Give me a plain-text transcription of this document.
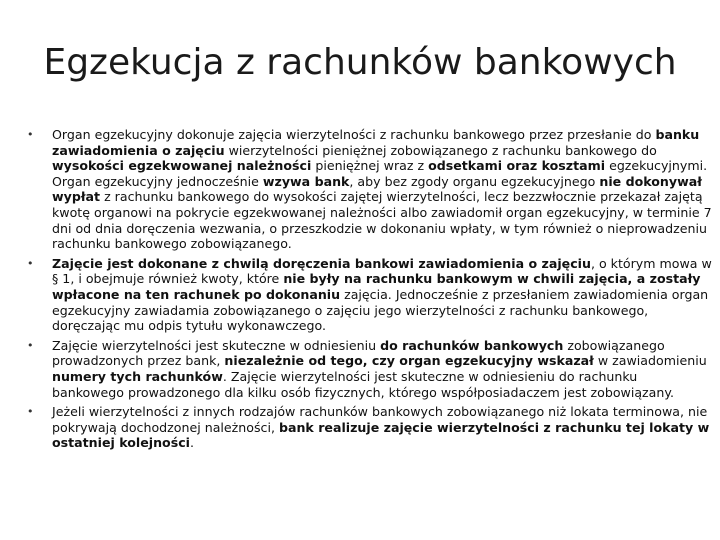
Egzekucja z rachunków bankowych
• Organ egzekucyjny dokonuje zajęcia wierzytelności z rachunku bankowego przez przesłanie do banku zawiadomienia o zajęciu wierzytelności pieniężnej zobowiązanego z rachunku bankowego do wysokości egzekwowanej należności pieniężnej wraz z odsetkami oraz kosztami egzekucyjnymi. Organ egzekucyjny jednocześnie wzywa bank, aby bez zgody organu egzekucyjnego nie dokonywał wypłat z rachunku bankowego do wysokości zajętej wierzytelności, lecz bezzwłocznie przekazał zajętą kwotę organowi na pokrycie egzekwowanej należności albo zawiadomił organ egzekucyjny, w terminie 7 dni od dnia doręczenia wezwania, o przeszkodzie w dokonaniu wpłaty, w tym również o nieprowadzeniu rachunku bankowego zobowiązanego.
• Zajęcie jest dokonane z chwilą doręczenia bankowi zawiadomienia o zajęciu, o którym mowa w § 1, i obejmuje również kwoty, które nie były na rachunku bankowym w chwili zajęcia, a zostały wpłacone na ten rachunek po dokonaniu zajęcia. Jednocześnie z przesłaniem zawiadomienia organ egzekucyjny zawiadamia zobowiązanego o zajęciu jego wierzytelności z rachunku bankowego, doręczając mu odpis tytułu wykonawczego.
• Zajęcie wierzytelności jest skuteczne w odniesieniu do rachunków bankowych zobowiązanego prowadzonych przez bank, niezależnie od tego, czy organ egzekucyjny wskazał w zawiadomieniu numery tych rachunków. Zajęcie wierzytelności jest skuteczne w odniesieniu do rachunku bankowego prowadzonego dla kilku osób fizycznych, którego współposiadaczem jest zobowiązany.
• Jeżeli wierzytelności z innych rodzajów rachunków bankowych zobowiązanego niż lokata terminowa, nie pokrywają dochodzonej należności, bank realizuje zajęcie wierzytelności z rachunku tej lokaty w ostatniej kolejności.
